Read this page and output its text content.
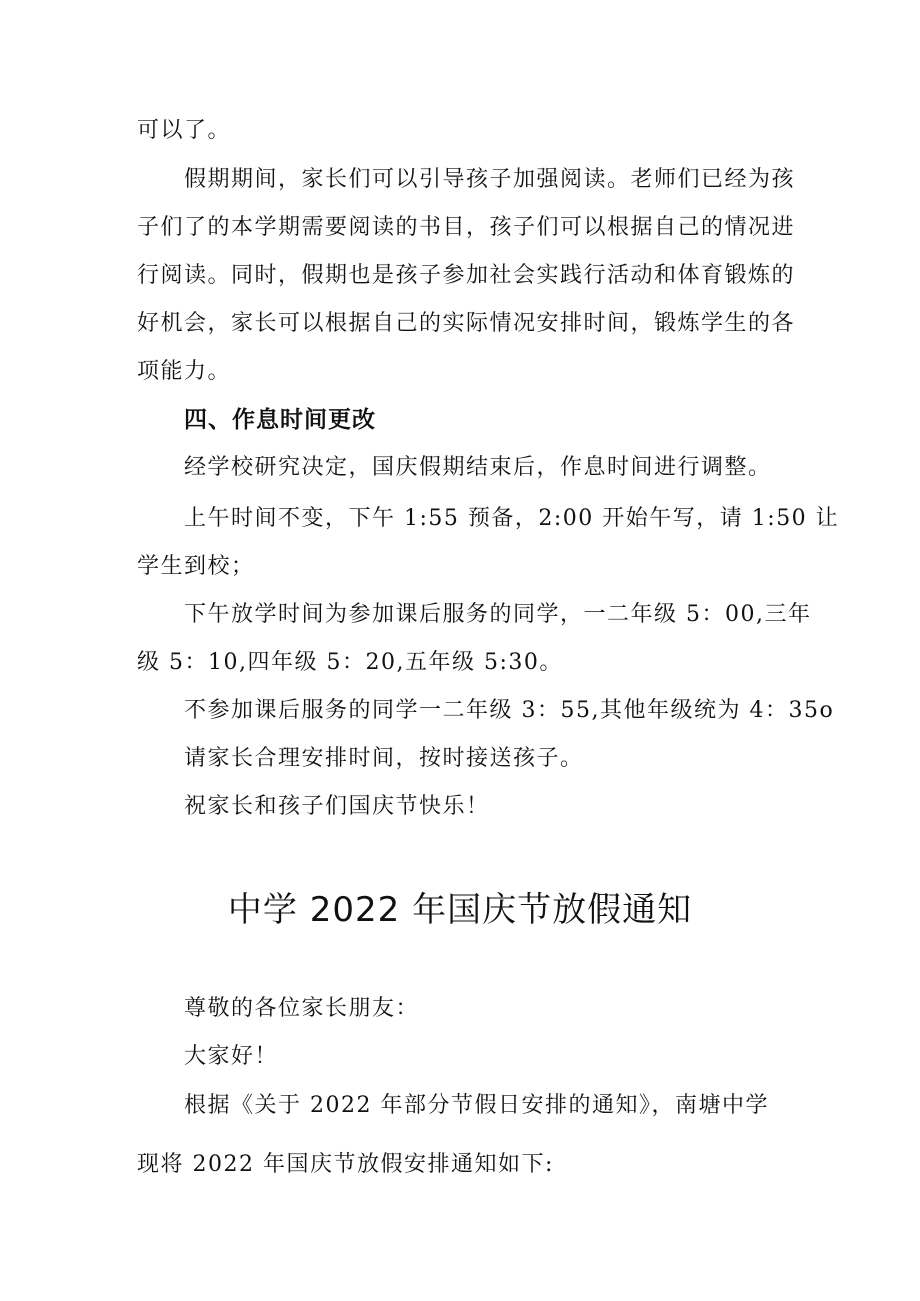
可以了。
假期期间，家长们可以引导孩子加强阅读。老师们已经为孩
子们了的本学期需要阅读的书目，孩子们可以根据自己的情况进
行阅读。同时，假期也是孩子参加社会实践行活动和体育锻炼的
好机会，家长可以根据自己的实际情况安排时间，锻炼学生的各
项能力。
四、作息时间更改
经学校研究决定，国庆假期结束后，作息时间进行调整。
上午时间不变，下午 1:55 预备，2:00 开始午写，请 1:50 让
学生到校；
下午放学时间为参加课后服务的同学，一二年级 5：00,三年
级 5：10,四年级 5：20,五年级 5:30。
不参加课后服务的同学一二年级 3：55,其他年级统为 4：35o
请家长合理安排时间，按时接送孩子。
祝家长和孩子们国庆节快乐！
中学 2022 年国庆节放假通知
尊敬的各位家长朋友：
大家好！
根据《关于 2022 年部分节假日安排的通知》，南塘中学
现将 2022 年国庆节放假安排通知如下:
